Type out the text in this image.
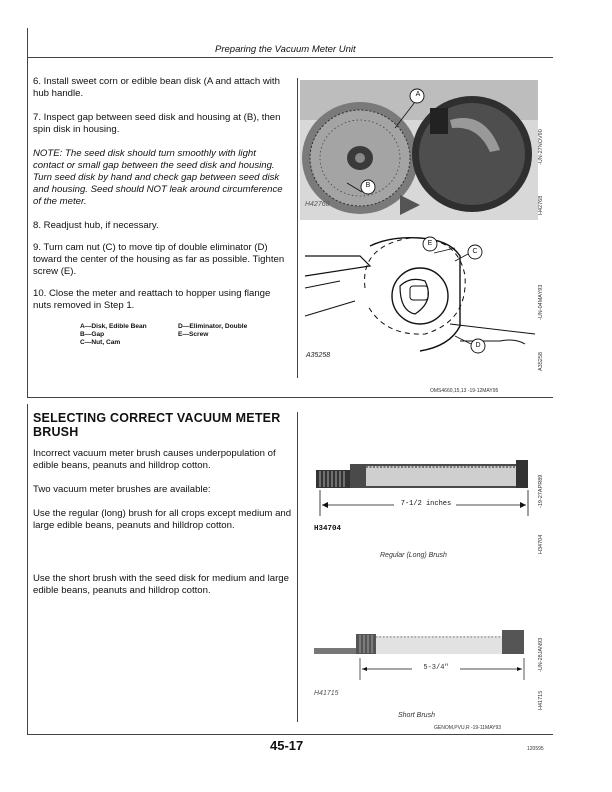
Preparing the Vacuum Meter Unit
6. Install sweet corn or edible bean disk (A and attach with hub handle.
7. Inspect gap between seed disk and housing at (B), then spin disk in housing.
NOTE: The seed disk should turn smoothly with light contact or small gap between the seed disk and housing. Turn seed disk by hand and check gap between seed disk and housing. Seed should NOT leak around circumference of the meter.
8. Readjust hub, if necessary.
9. Turn cam nut (C) to move tip of double eliminator (D) toward the center of the housing as far as possible. Tighten screw (E).
10. Close the meter and reattach to hopper using flange nuts removed in Step 1.
A—Disk, Edible Bean
B—Gap
C—Nut, Cam
D—Eliminator, Double
E—Screw
A
B
H42768
-UN-27NOV90
H42768
E
C
D
A35258
-UN-04MAY93
A35258
OMS4660,15,13 -19-12MAY95
SELECTING CORRECT VACUUM METER
BRUSH
Incorrect vacuum meter brush causes underpopulation of edible beans, peanuts and hilldrop cotton.
Two vacuum meter brushes are available:
Use the regular (long) brush for all crops except medium and large edible beans, peanuts and hilldrop cotton.
Use the short brush with the seed disk for medium and large edible beans, peanuts and hilldrop cotton.
7-1/2 inches
H34704
Regular (Long) Brush
-19-27APR89
H34704
5-3/4"
H41715
Short Brush
-UN-28JAN93
H41715
GENOM,PVU,R -19-11MAY93
45-17	120595
